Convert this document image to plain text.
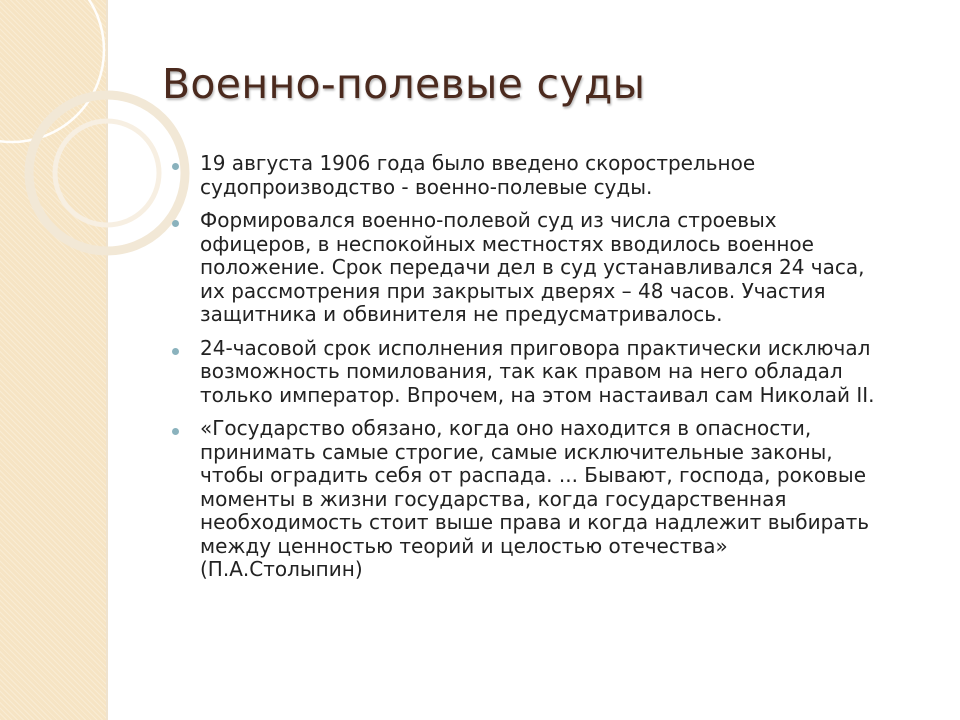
Военно-полевые суды
19 августа 1906 года было введено скорострельное
судопроизводство - военно-полевые суды.
Формировался военно-полевой суд из числа строевых
офицеров, в неспокойных местностях вводилось военное
положение. Срок передачи дел в суд устанавливался 24 часа,
их рассмотрения при закрытых дверях – 48 часов. Участия
защитника и обвинителя не предусматривалось.
24-часовой срок исполнения приговора практически исключал
возможность помилования, так как правом на него обладал
только император. Впрочем, на этом настаивал сам Николай II.
«Государство обязано, когда оно находится в опасности,
принимать самые строгие, самые исключительные законы,
чтобы оградить себя от распада. ... Бывают, господа, роковые
моменты в жизни государства, когда государственная
необходимость стоит выше права и когда надлежит выбирать
между ценностью теорий и целостью отечества»
(П.А.Столыпин)
